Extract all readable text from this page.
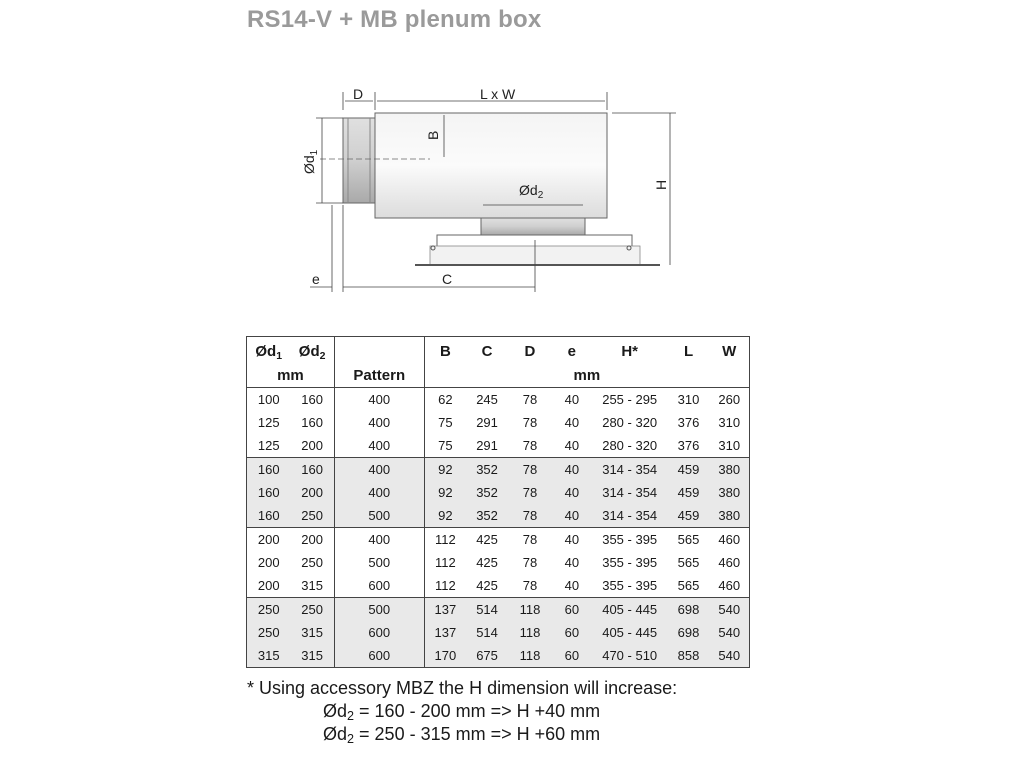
RS14-V + MB plenum box
D	L x W
B
$Ød_1$
$Ød_2$
H
e	C
$Ød_1$	$Ød_2$		B	C	D	e	H*	L	W
mm		Pattern	mm						
100	160	400	62	245	78	40	255 - 295	310	260
125	160	400	75	291	78	40	280 - 320	376	310
125	200	400	75	291	78	40	280 - 320	376	310
160	160	400	92	352	78	40	314 - 354	459	380
160	200	400	92	352	78	40	314 - 354	459	380
160	250	500	92	352	78	40	314 - 354	459	380
200	200	400	112	425	78	40	355 - 395	565	460
200	250	500	112	425	78	40	355 - 395	565	460
200	315	600	112	425	78	40	355 - 395	565	460
250	250	500	137	514	118	60	405 - 445	698	540
250	315	600	137	514	118	60	405 - 445	698	540
315	315	600	170	675	118	60	470 - 510	858	540
* Using accessory MBZ the H dimension will increase:
$Ød_2 = 160 - 200$ mm => H +40 mm
$Ød_2 = 250 - 315$ mm => H +60 mm
